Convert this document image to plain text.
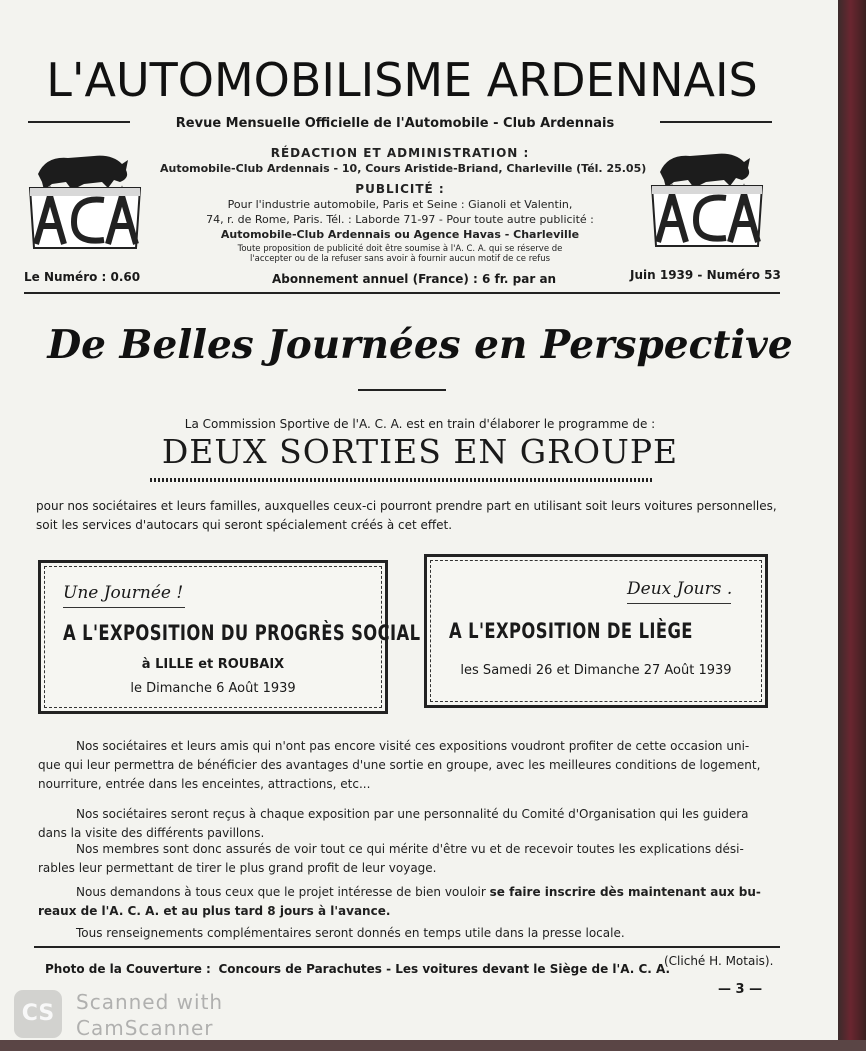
L'AUTOMOBILISME ARDENNAIS
Revue Mensuelle Officielle de l'Automobile - Club Ardennais
RÉDACTION ET ADMINISTRATION :
Automobile-Club Ardennais - 10, Cours Aristide-Briand, Charleville (Tél. 25.05)
PUBLICITÉ :
Pour l'industrie automobile, Paris et Seine : Gianoli et Valentin,
74, r. de Rome, Paris. Tél. : Laborde 71-97 - Pour toute autre publicité :
Automobile-Club Ardennais ou Agence Havas - Charleville
Toute proposition de publicité doit être soumise à l'A. C. A. qui se réserve de
l'accepter ou de la refuser sans avoir à fournir aucun motif de ce refus
Le Numéro : 0.60	Abonnement annuel (France) : 6 fr. par an	Juin 1939 - Numéro 53
De Belles Journées en Perspective
La Commission Sportive de l'A. C. A. est en train d'élaborer le programme de :
DEUX SORTIES EN GROUPE
pour nos sociétaires et leurs familles, auxquelles ceux-ci pourront prendre part en utilisant soit leurs voitures personnelles,
soit les services d'autocars qui seront spécialement créés à cet effet.
Une Journée !
A L'EXPOSITION DU PROGRÈS SOCIAL
à LILLE et ROUBAIX
le Dimanche 6 Août 1939
Deux Jours .
A L'EXPOSITION DE LIÈGE
les Samedi 26 et Dimanche 27 Août 1939
Nos sociétaires et leurs amis qui n'ont pas encore visité ces expositions voudront profiter de cette occasion uni-
que qui leur permettra de bénéficier des avantages d'une sortie en groupe, avec les meilleures conditions de logement,
nourriture, entrée dans les enceintes, attractions, etc...
Nos sociétaires seront reçus à chaque exposition par une personnalité du Comité d'Organisation qui les guidera
dans la visite des différents pavillons.
Nos membres sont donc assurés de voir tout ce qui mérite d'être vu et de recevoir toutes les explications dési-
rables leur permettant de tirer le plus grand profit de leur voyage.
Nous demandons à tous ceux que le projet intéresse de bien vouloir se faire inscrire dès maintenant aux bu-
reaux de l'A. C. A. et au plus tard 8 jours à l'avance.
Tous renseignements complémentaires seront donnés en temps utile dans la presse locale.
Photo de la Couverture : Concours de Parachutes - Les voitures devant le Siège de l'A. C. A.
(Cliché H. Motais).
— 3 —
CS	Scanned with
CamScanner
